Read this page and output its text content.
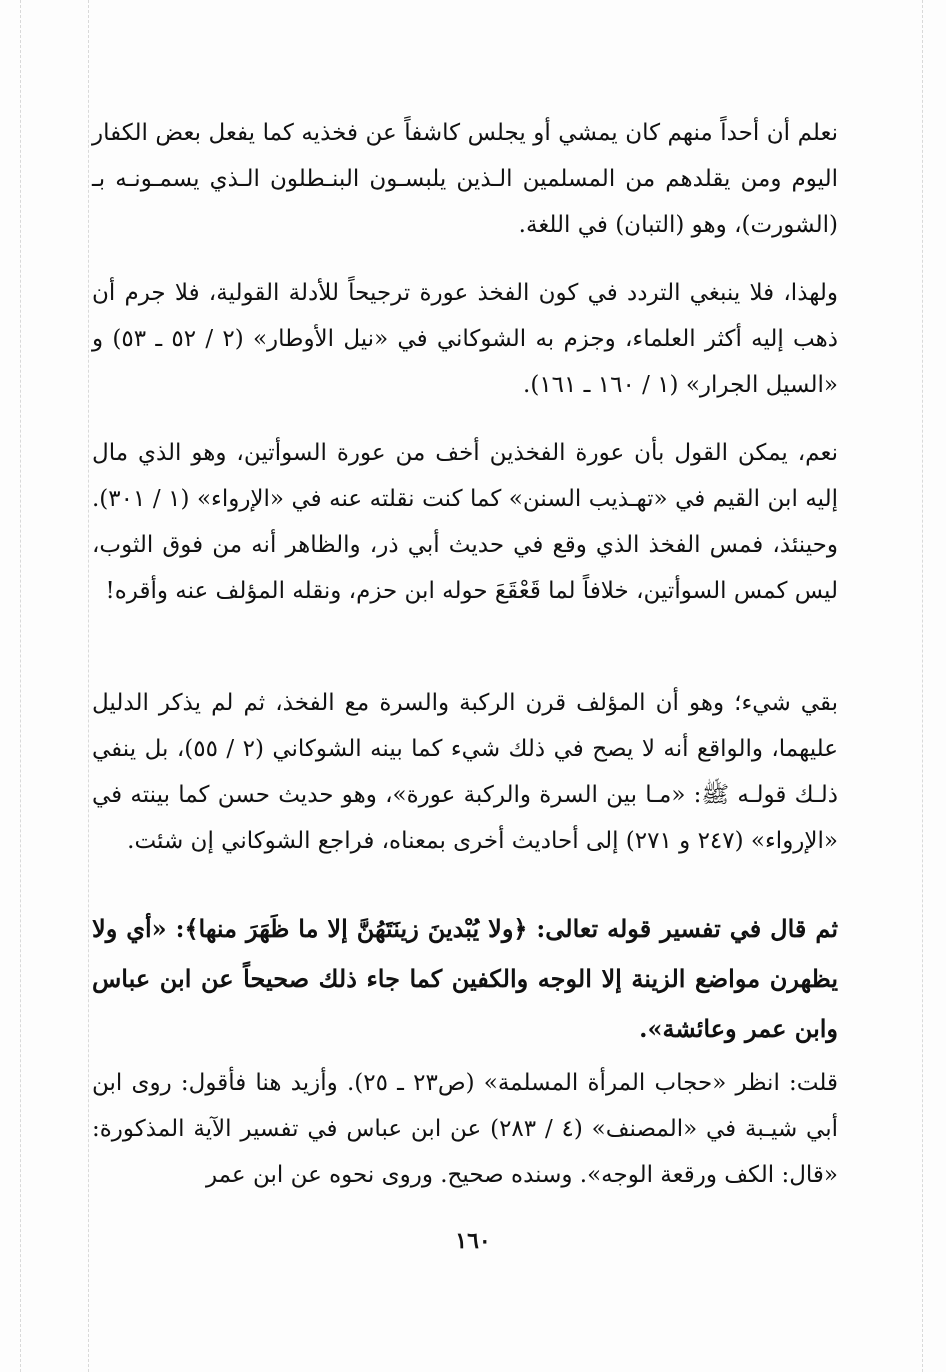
نعلم أن أحداً منهم كان يمشي أو يجلس كاشفاً عن فخذيه كما يفعل بعض الكفار اليوم ومن يقلدهم من المسلمين الـذين يلبسـون البنـطلون الـذي يسمـونـه بـ (الشورت)، وهو (التبان) في اللغة.

ولهذا، فلا ينبغي التردد في كون الفخذ عورة ترجيحاً للأدلة القولية، فلا جرم أن ذهب إليه أكثر العلماء، وجزم به الشوكاني في «نيل الأوطار» (٢ / ٥٢ ـ ٥٣) و «السيل الجرار» (١ / ١٦٠ ـ ١٦١).

نعم، يمكن القول بأن عورة الفخذين أخف من عورة السوأتين، وهو الذي مال إليه ابن القيم في «تهـذيب السنن» كما كنت نقلته عنه في «الإرواء» (١ / ٣٠١). وحينئذ، فمس الفخذ الذي وقع في حديث أبي ذر، والظاهر أنه من فوق الثوب، ليس كمس السوأتين، خلافاً لما قَعْقَعَ حوله ابن حزم، ونقله المؤلف عنه وأقره!

بقي شيء؛ وهو أن المؤلف قرن الركبة والسرة مع الفخذ، ثم لم يذكر الدليل عليهما، والواقع أنه لا يصح في ذلك شيء كما بينه الشوكاني (٢ / ٥٥)، بل ينفي ذلـك قولـه ﷺ: «مـا بين السرة والركبة عورة»، وهو حديث حسن كما بينته في «الإرواء» (٢٤٧ و ٢٧١) إلى أحاديث أخرى بمعناه، فراجع الشوكاني إن شئت.

ثم قال في تفسير قوله تعالى: ﴿ولا يُبْدينَ زينَتَهُنَّ إلا ما ظَهَرَ منها﴾: «أي ولا يظهرن مواضع الزينة إلا الوجه والكفين كما جاء ذلك صحيحاً عن ابن عباس وابن عمر وعائشة».

قلت: انظر «حجاب المرأة المسلمة» (ص٢٣ ـ ٢٥). وأزيد هنا فأقول: روى ابن أبي شيـبة في «المصنف» (٤ / ٢٨٣) عن ابن عباس في تفسير الآية المذكورة: «قال: الكف ورقعة الوجه». وسنده صحيح. وروى نحوه عن ابن عمر

١٦٠
